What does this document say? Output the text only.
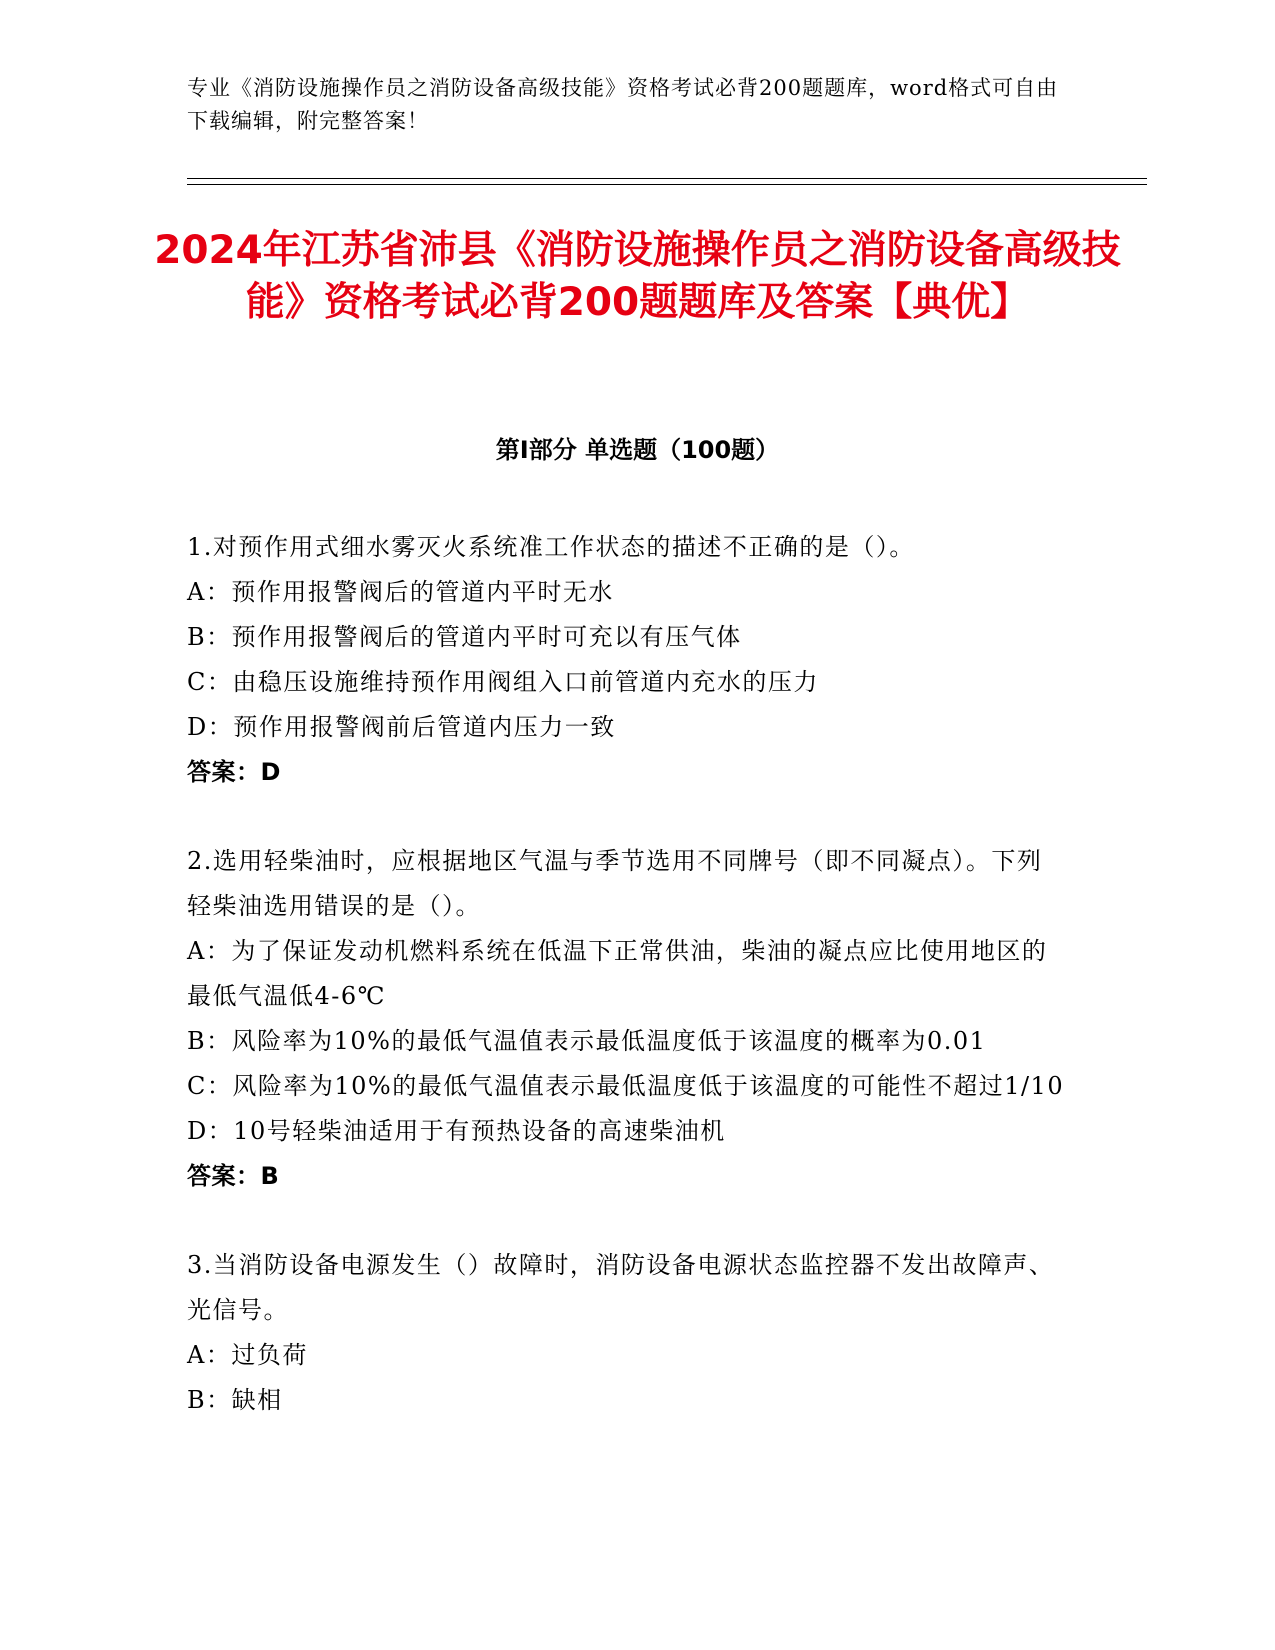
专业《消防设施操作员之消防设备高级技能》资格考试必背200题题库，word格式可自由下载编辑，附完整答案！
2024年江苏省沛县《消防设施操作员之消防设备高级技能》资格考试必背200题题库及答案【典优】
第I部分 单选题（100题）

1.对预作用式细水雾灭火系统准工作状态的描述不正确的是（）。

A：预作用报警阀后的管道内平时无水

B：预作用报警阀后的管道内平时可充以有压气体

C：由稳压设施维持预作用阀组入口前管道内充水的压力

D：预作用报警阀前后管道内压力一致

答案：D

2.选用轻柴油时，应根据地区气温与季节选用不同牌号（即不同凝点）。下列轻柴油选用错误的是（）。

A：为了保证发动机燃料系统在低温下正常供油，柴油的凝点应比使用地区的最低气温低4-6℃

B：风险率为10%的最低气温值表示最低温度低于该温度的概率为0.01

C：风险率为10%的最低气温值表示最低温度低于该温度的可能性不超过1/10

D：10号轻柴油适用于有预热设备的高速柴油机

答案：B

3.当消防设备电源发生（）故障时，消防设备电源状态监控器不发出故障声、光信号。

A：过负荷

B：缺相
